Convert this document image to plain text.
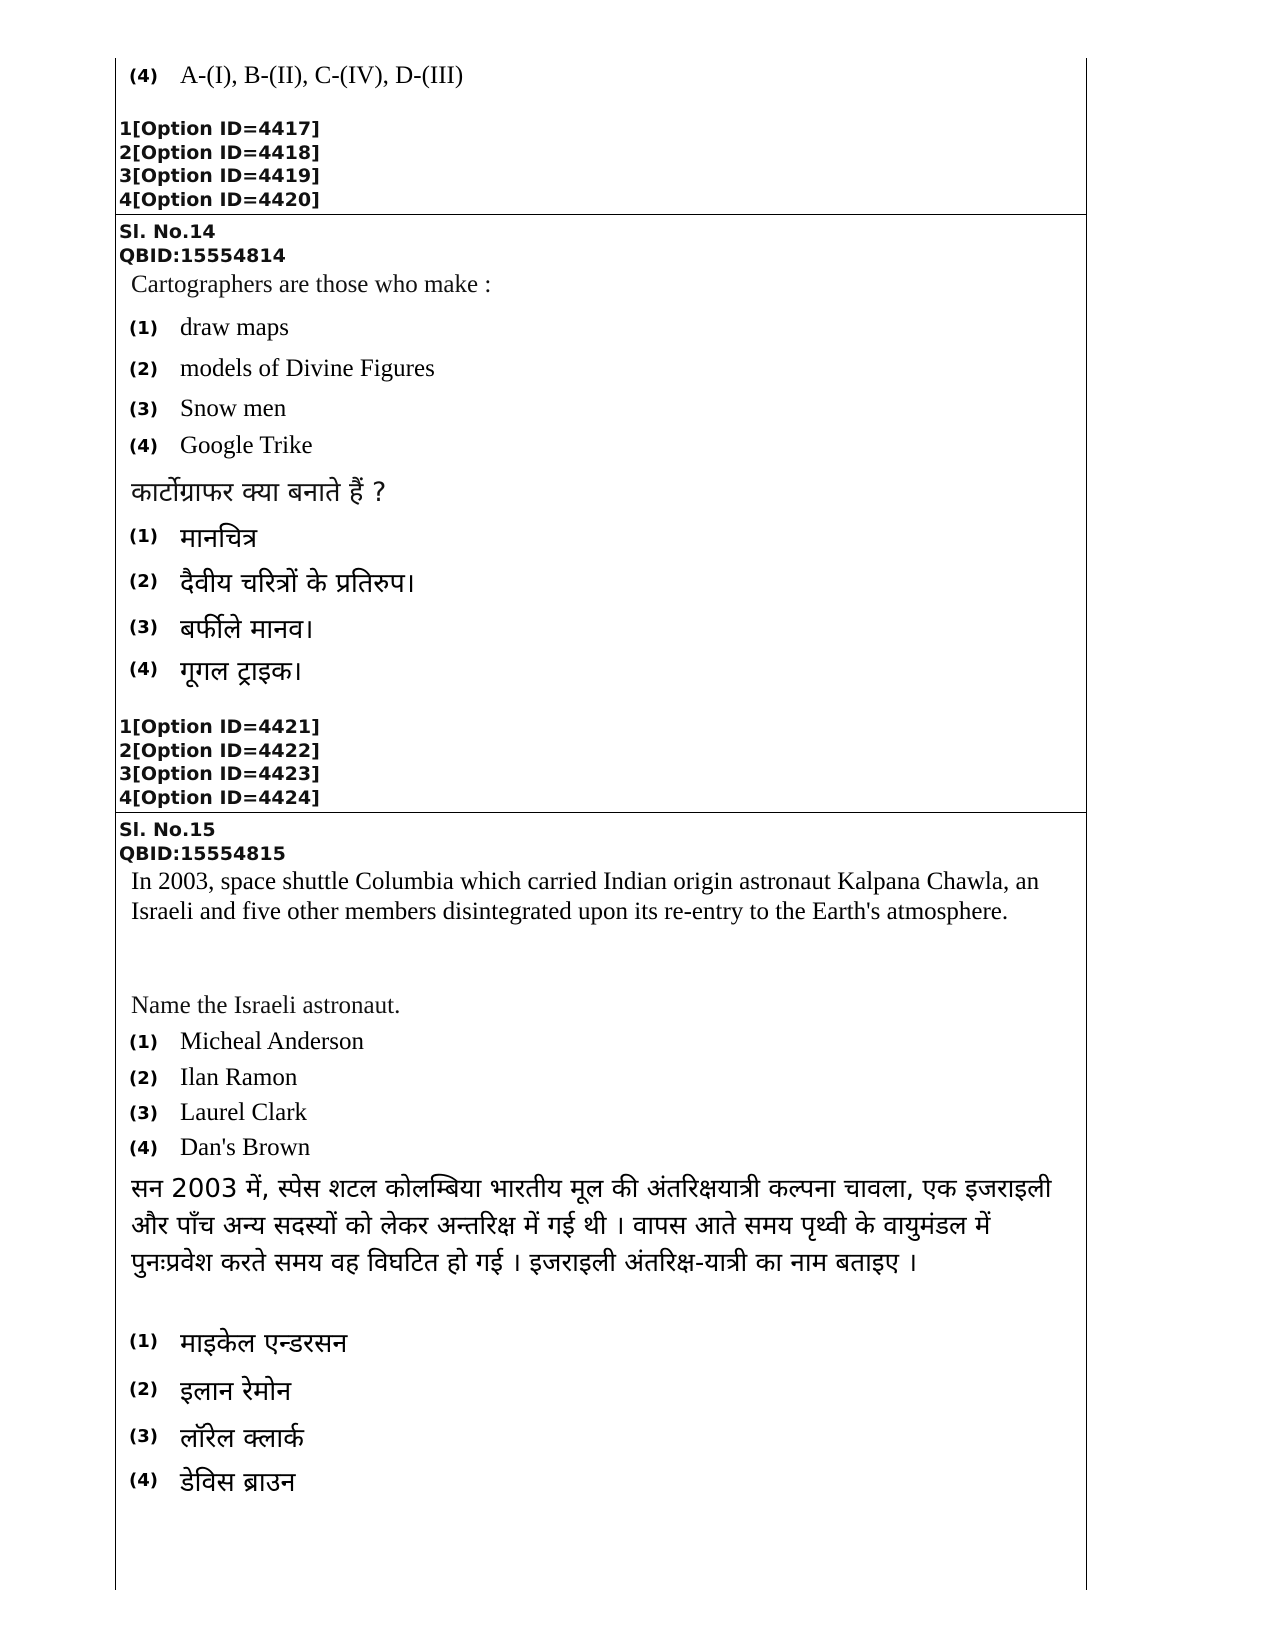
(4) A-(I), B-(II), C-(IV), D-(III)
1[Option ID=4417]
2[Option ID=4418]
3[Option ID=4419]
4[Option ID=4420]
Sl. No.14
QBID:15554814
Cartographers are those who make :
(1) draw maps
(2) models of Divine Figures
(3) Snow men
(4) Google Trike
कार्टोग्राफर क्या बनाते हैं ?
(1) मानचित्र
(2) दैवीय चरित्रों के प्रतिरुप।
(3) बर्फीले मानव।
(4) गूगल ट्राइक।
1[Option ID=4421]
2[Option ID=4422]
3[Option ID=4423]
4[Option ID=4424]
Sl. No.15
QBID:15554815
In 2003, space shuttle Columbia which carried Indian origin astronaut Kalpana Chawla, an Israeli and five other members disintegrated upon its re-entry to the Earth's atmosphere.
Name the Israeli astronaut.
(1) Micheal Anderson
(2) Ilan Ramon
(3) Laurel Clark
(4) Dan's Brown
सन 2003 में, स्पेस शटल कोलम्बिया भारतीय मूल की अंतरिक्षयात्री कल्पना चावला, एक इजराइली और पाँच अन्य सदस्यों को लेकर अन्तरिक्ष में गई थी । वापस आते समय पृथ्वी के वायुमंडल में पुनःप्रवेश करते समय वह विघटित हो गई । इजराइली अंतरिक्ष-यात्री का नाम बताइए ।
(1) माइकेल एन्डरसन
(2) इलान रेमोन
(3) लॉरेल क्लार्क
(4) डेविस ब्राउन
